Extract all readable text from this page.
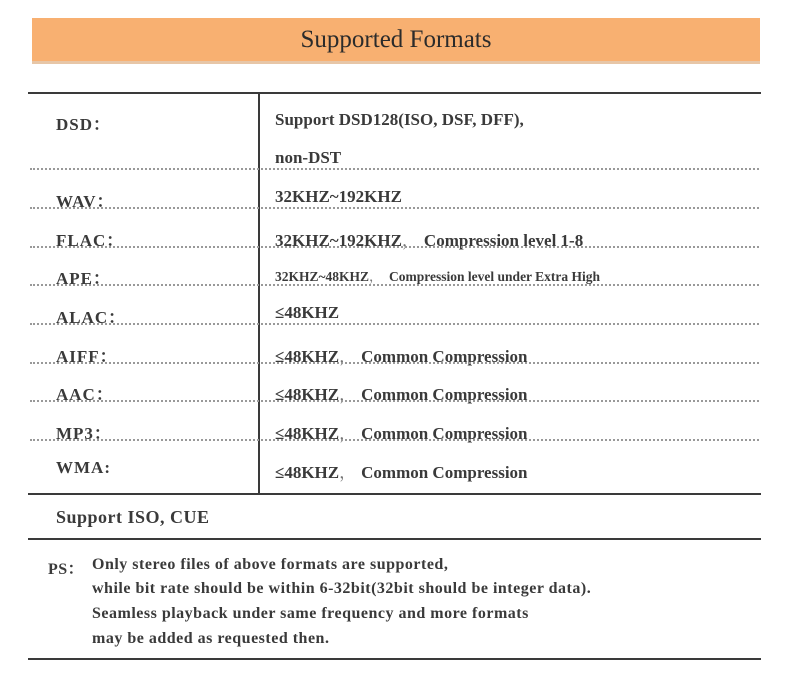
Supported Formats
DSD：	Support DSD128(ISO, DSF, DFF),
non-DST
WAV：	32KHZ~192KHZ
FLAC：	32KHZ~192KHZ， Compression level 1-8
APE：	32KHZ~48KHZ， Compression level under Extra High
ALAC：	≤48KHZ
AIFF：	≤48KHZ， Common Compression
AAC：	≤48KHZ， Common Compression
MP3：	≤48KHZ， Common Compression
WMA:	≤48KHZ， Common Compression
Support ISO, CUE
PS： Only stereo files of above formats are supported,
while bit rate should be within 6-32bit(32bit should be integer data).
Seamless playback under same frequency and more formats
may be added as requested then.
